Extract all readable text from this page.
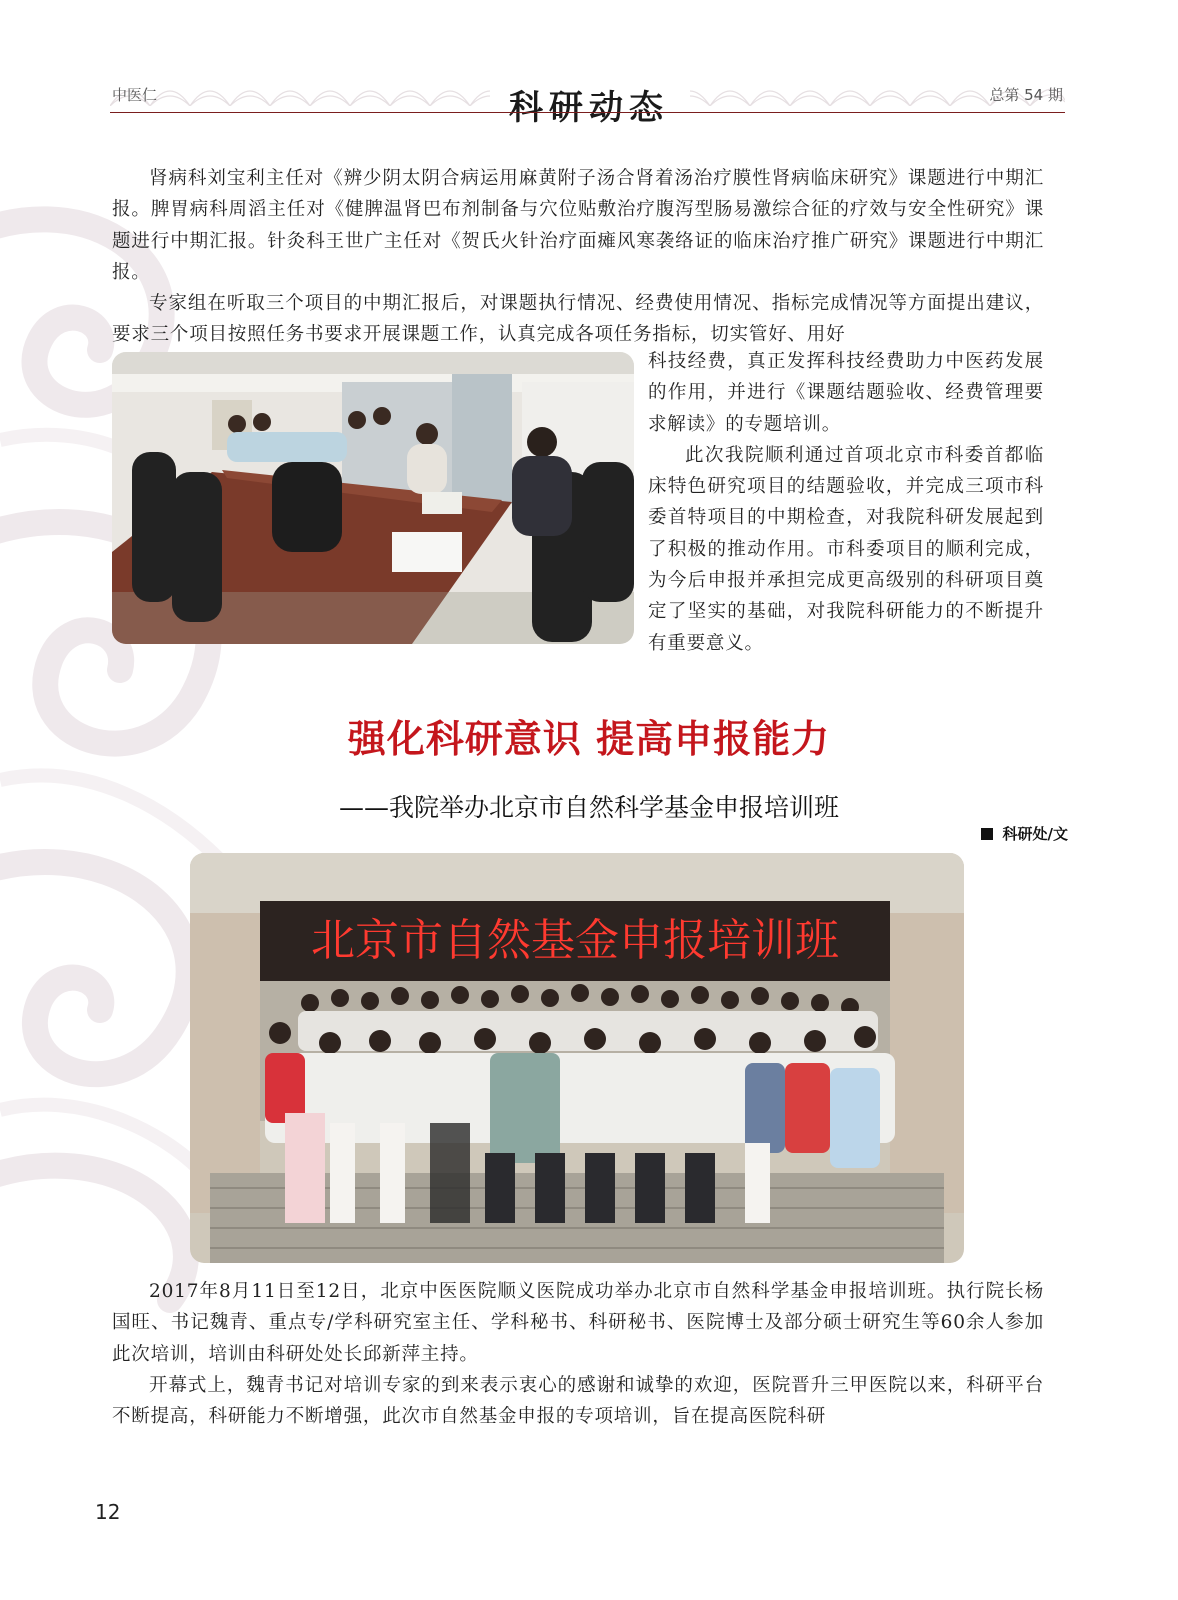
中医仁	科研动态	总第 54 期

肾病科刘宝利主任对《辨少阴太阴合病运用麻黄附子汤合肾着汤治疗膜性肾病临床研究》课题进行中期汇报。脾胃病科周滔主任对《健脾温肾巴布剂制备与穴位贴敷治疗腹泻型肠易激综合征的疗效与安全性研究》课题进行中期汇报。针灸科王世广主任对《贺氏火针治疗面瘫风寒袭络证的临床治疗推广研究》课题进行中期汇报。

专家组在听取三个项目的中期汇报后，对课题执行情况、经费使用情况、指标完成情况等方面提出建议，要求三个项目按照任务书要求开展课题工作，认真完成各项任务指标，切实管好、用好

科技经费，真正发挥科技经费助力中医药发展的作用，并进行《课题结题验收、经费管理要求解读》的专题培训。

此次我院顺利通过首项北京市科委首都临床特色研究项目的结题验收，并完成三项市科委首特项目的中期检查，对我院科研发展起到了积极的推动作用。市科委项目的顺利完成，为今后申报并承担完成更高级别的科研项目奠定了坚实的基础，对我院科研能力的不断提升有重要意义。

强化科研意识 提高申报能力
——我院举办北京市自然科学基金申报培训班
科研处/文
北京市自然基金申报培训班

2017年8月11日至12日，北京中医医院顺义医院成功举办北京市自然科学基金申报培训班。执行院长杨国旺、书记魏青、重点专/学科研究室主任、学科秘书、科研秘书、医院博士及部分硕士研究生等60余人参加此次培训，培训由科研处处长邱新萍主持。

开幕式上，魏青书记对培训专家的到来表示衷心的感谢和诚挚的欢迎，医院晋升三甲医院以来，科研平台不断提高，科研能力不断增强，此次市自然基金申报的专项培训，旨在提高医院科研

12
